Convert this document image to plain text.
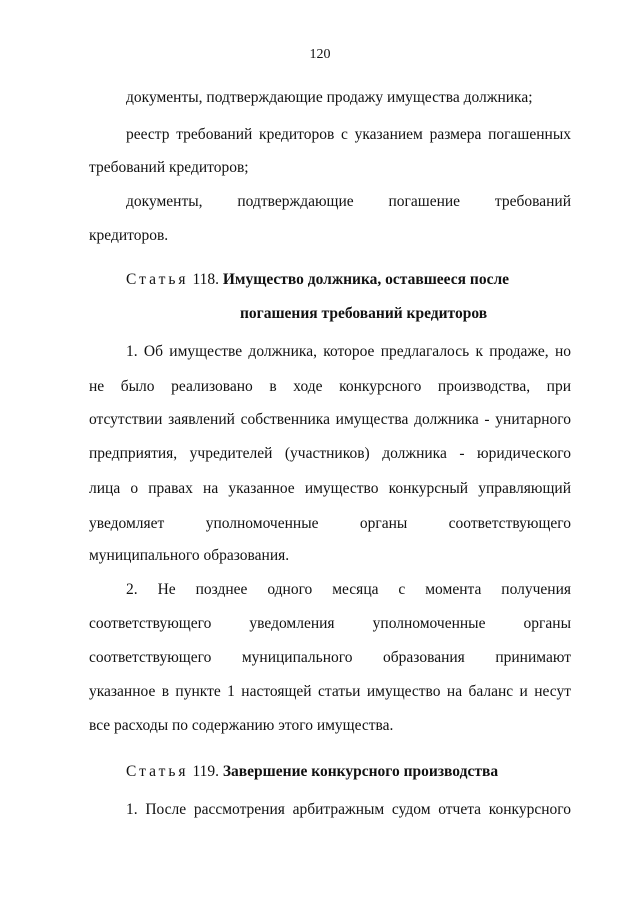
120
документы, подтверждающие продажу имущества должника;
реестр требований кредиторов с указанием размера погашенных
требований кредиторов;
документы, подтверждающие погашение требований
кредиторов.
Статья 118. Имущество должника, оставшееся после
погашения требований кредиторов
1. Об имуществе должника, которое предлагалось к продаже, но
не было реализовано в ходе конкурсного производства, при
отсутствии заявлений собственника имущества должника - унитарного
предприятия, учредителей (участников) должника - юридического
лица о правах на указанное имущество конкурсный управляющий
уведомляет уполномоченные органы соответствующего
муниципального образования.
2. Не позднее одного месяца с момента получения
соответствующего уведомления уполномоченные органы
соответствующего муниципального образования принимают
указанное в пункте 1 настоящей статьи имущество на баланс и несут
все расходы по содержанию этого имущества.
Статья 119. Завершение конкурсного производства
1. После рассмотрения арбитражным судом отчета конкурсного
